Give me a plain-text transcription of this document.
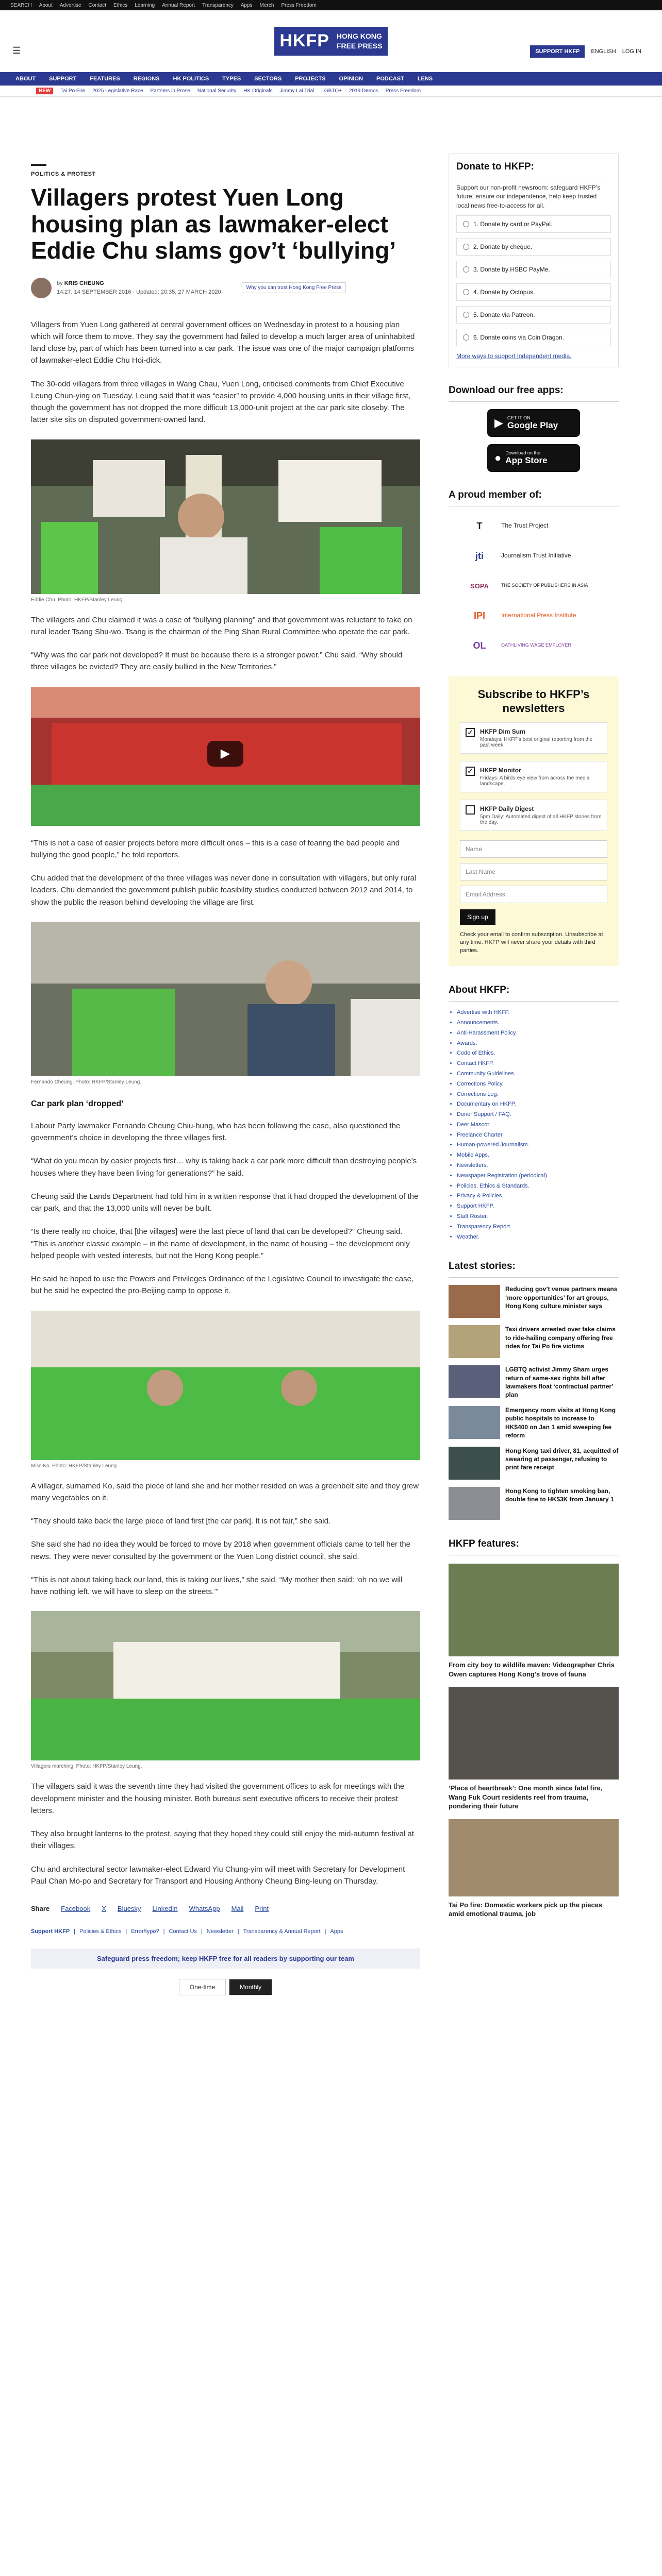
SEARCH About Advertise Contact Ethics Learning Annual Report Transparency Apps Merch Press Freedom
☰	HKFP	HONG KONG
FREE PRESS
SUPPORT HKFP	ENGLISH LOG IN
ABOUT SUPPORT FEATURES REGIONS HK POLITICS TYPES SECTORS PROJECTS OPINION PODCAST LENS
NEW	Tai Po Fire 2025 Legislative Race Partners in Prose National Security HK Originals Jimmy Lai Trial LGBTQ+ 2019 Demos Press Freedom
POLITICS & PROTEST
Villagers protest Yuen Long housing plan as lawmaker-elect Eddie Chu slams gov’t ‘bullying’
by KRIS CHEUNG
14:27, 14 SEPTEMBER 2016 · Updated: 20:35, 27 MARCH 2020
Why you can trust Hong Kong Free Press

Villagers from Yuen Long gathered at central government offices on Wednesday in protest to a housing plan which will force them to move. They say the government had failed to develop a much larger area of uninhabited land close by, part of which has been turned into a car park. The issue was one of the major campaign platforms of lawmaker-elect Eddie Chu Hoi-dick.

The 30-odd villagers from three villages in Wang Chau, Yuen Long, criticised comments from Chief Executive Leung Chun-ying on Tuesday. Leung said that it was “easier” to provide 4,000 housing units in their village first, though the government has not dropped the more difficult 13,000-unit project at the car park site closeby. The latter site sits on disputed government-owned land.

Eddie Chu. Photo: HKFP/Stanley Leung.

The villagers and Chu claimed it was a case of “bullying planning” and that government was reluctant to take on rural leader Tsang Shu-wo. Tsang is the chairman of the Ping Shan Rural Committee who operate the car park.

“Why was the car park not developed? It must be because there is a stronger power,” Chu said. “Why should three villages be evicted? They are easily bullied in the New Territories.”

▶

“This is not a case of easier projects before more difficult ones – this is a case of fearing the bad people and bullying the good people,” he told reporters.

Chu added that the development of the three villages was never done in consultation with villagers, but only rural leaders. Chu demanded the government publish public feasibility studies conducted between 2012 and 2014, to show the public the reason behind developing the village are first.

Fernando Cheung. Photo: HKFP/Stanley Leung.
Car park plan ‘dropped’

Labour Party lawmaker Fernando Cheung Chiu-hung, who has been following the case, also questioned the government’s choice in developing the three villages first.

“What do you mean by easier projects first… why is taking back a car park more difficult than destroying people’s houses where they have been living for generations?” he said.

Cheung said the Lands Department had told him in a written response that it had dropped the development of the car park, and that the 13,000 units will never be built.

“Is there really no choice, that [the villages] were the last piece of land that can be developed?” Cheung said. “This is another classic example – in the name of development, in the name of housing – the development only helped people with vested interests, but not the Hong Kong people.”

He said he hoped to use the Powers and Privileges Ordinance of the Legislative Council to investigate the case, but he said he expected the pro-Beijing camp to oppose it.

Miss Ko. Photo: HKFP/Stanley Leung.

A villager, surnamed Ko, said the piece of land she and her mother resided on was a greenbelt site and they grew many vegetables on it.

“They should take back the large piece of land first [the car park]. It is not fair,” she said.

She said she had no idea they would be forced to move by 2018 when government officials came to tell her the news. They were never consulted by the government or the Yuen Long district council, she said.

“This is not about taking back our land, this is taking our lives,” she said. “My mother then said: ‘oh no we will have nothing left, we will have to sleep on the streets.’”

Villagers marching. Photo: HKFP/Stanley Leung.

The villagers said it was the seventh time they had visited the government offices to ask for meetings with the development minister and the housing minister. Both bureaus sent executive officers to receive their protest letters.

They also brought lanterns to the protest, saying that they hoped they could still enjoy the mid-autumn festival at their villages.

Chu and architectural sector lawmaker-elect Edward Yiu Chung-yim will meet with Secretary for Development Paul Chan Mo-po and Secretary for Transport and Housing Anthony Cheung Bing-leung on Thursday.

Share Facebook X Bluesky LinkedIn WhatsApp Mail Print
Support HKFP | Policies & Ethics | Error/typo? | Contact Us | Newsletter | Transparency & Annual Report | Apps
Safeguard press freedom; keep HKFP free for all readers by supporting our team
One-time	Monthly
Donate to HKFP:

Support our non-profit newsroom: safeguard HKFP’s future, ensure our independence, help keep trusted local news free-to-access for all.

1. Donate by card or PayPal.
2. Donate by cheque.
3. Donate by HSBC PayMe.
4. Donate by Octopus.
5. Donate via Patreon.
6. Donate coins via Coin Dragon.
More ways to support independent media.
Download our free apps:
▶ GET IT ON
Google Play
● Download on the
App Store
A proud member of:
T	The Trust Project
jti	Journalism Trust Initiative
SOPA	THE SOCIETY OF PUBLISHERS IN ASIA
IPI	International Press Institute
OL	OATHLIVING WAGE EMPLOYER
Subscribe to HKFP’s newsletters
✓ HKFP Dim Sum
Mondays: HKFP’s best original reporting from the past week.
✓ HKFP Monitor
Fridays: A birds-eye view from across the media landscape.
HKFP Daily Digest
5pm Daily: Automated digest of all HKFP stories from the day.
Name
Last Name
Email Address
Sign up
Check your email to confirm subscription. Unsubscribe at any time. HKFP will never share your details with third parties.
About HKFP:
• Advertise with HKFP.
• Announcements.
• Anti-Harassment Policy.
• Awards.
• Code of Ethics.
• Contact HKFP.
• Community Guidelines.
• Corrections Policy.
• Corrections Log.
• Documentary on HKFP.
• Donor Support / FAQ.
• Deer Mascot.
• Freelance Charter.
• Human-powered Journalism.
• Mobile Apps.
• Newsletters.
• Newspaper Registration (periodical).
• Policies, Ethics & Standards.
• Privacy & Policies.
• Support HKFP.
• Staff Roster.
• Transparency Report.
• Weather.
Latest stories:
Reducing gov’t venue partners means ‘more opportunities’ for art groups, Hong Kong culture minister says
Taxi drivers arrested over fake claims to ride-hailing company offering free rides for Tai Po fire victims
LGBTQ activist Jimmy Sham urges return of same-sex rights bill after lawmakers float ‘contractual partner’ plan
Emergency room visits at Hong Kong public hospitals to increase to HK$400 on Jan 1 amid sweeping fee reform
Hong Kong taxi driver, 81, acquitted of swearing at passenger, refusing to print fare receipt
Hong Kong to tighten smoking ban, double fine to HK$3K from January 1
HKFP features:
From city boy to wildlife maven: Videographer Chris Owen captures Hong Kong’s trove of fauna
‘Place of heartbreak’: One month since fatal fire, Wang Fuk Court residents reel from trauma, pondering their future
Tai Po fire: Domestic workers pick up the pieces amid emotional trauma, job
